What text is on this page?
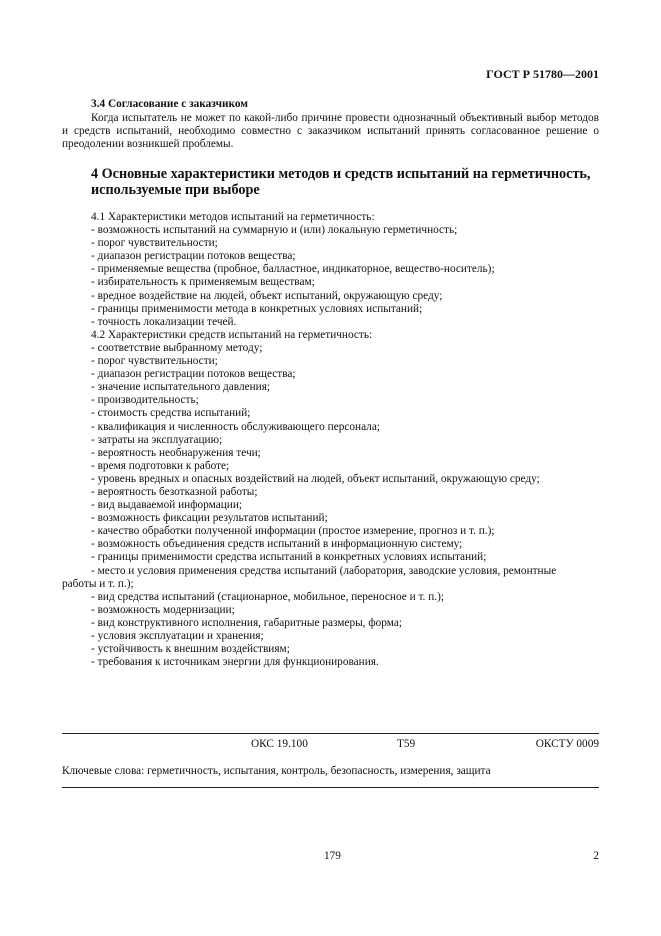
ГОСТ Р 51780—2001
3.4 Согласование с заказчиком
Когда испытатель не может по какой-либо причине провести однозначный объективный выбор методов и средств испытаний, необходимо совместно с заказчиком испытаний принять согласованное решение о преодолении возникшей проблемы.
4 Основные характеристики методов и средств испытаний на герметичность,
используемые при выборе
4.1 Характеристики методов испытаний на герметичность:
- возможность испытаний на суммарную и (или) локальную герметичность;
- порог чувствительности;
- диапазон регистрации потоков вещества;
- применяемые вещества (пробное, балластное, индикаторное, вещество-носитель);
- избирательность к применяемым веществам;
- вредное воздействие на людей, объект испытаний, окружающую среду;
- границы применимости метода в конкретных условиях испытаний;
- точность локализации течей.
4.2 Характеристики средств испытаний на герметичность:
- соответствие выбранному методу;
- порог чувствительности;
- диапазон регистрации потоков вещества;
- значение испытательного давления;
- производительность;
- стоимость средства испытаний;
- квалификация и численность обслуживающего персонала;
- затраты на эксплуатацию;
- вероятность необнаружения течи;
- время подготовки к работе;
- уровень вредных и опасных воздействий на людей, объект испытаний, окружающую среду;
- вероятность безотказной работы;
- вид выдаваемой информации;
- возможность фиксации результатов испытаний;
- качество обработки полученной информации (простое измерение, прогноз и т. п.);
- возможность объединения средств испытаний в информационную систему;
- границы применимости средства испытаний в конкретных условиях испытаний;
- место и условия применения средства испытаний (лаборатория, заводские условия, ремонтные
работы и т. п.);
- вид средства испытаний (стационарное, мобильное, переносное и т. п.);
- возможность модернизации;
- вид конструктивного исполнения, габаритные размеры, форма;
- условия эксплуатации и хранения;
- устойчивость к внешним воздействиям;
- требования к источникам энергии для функционирования.
ОКС 19.100	Т59	ОКСТУ 0009
Ключевые слова: герметичность, испытания, контроль, безопасность, измерения, защита
179	2
